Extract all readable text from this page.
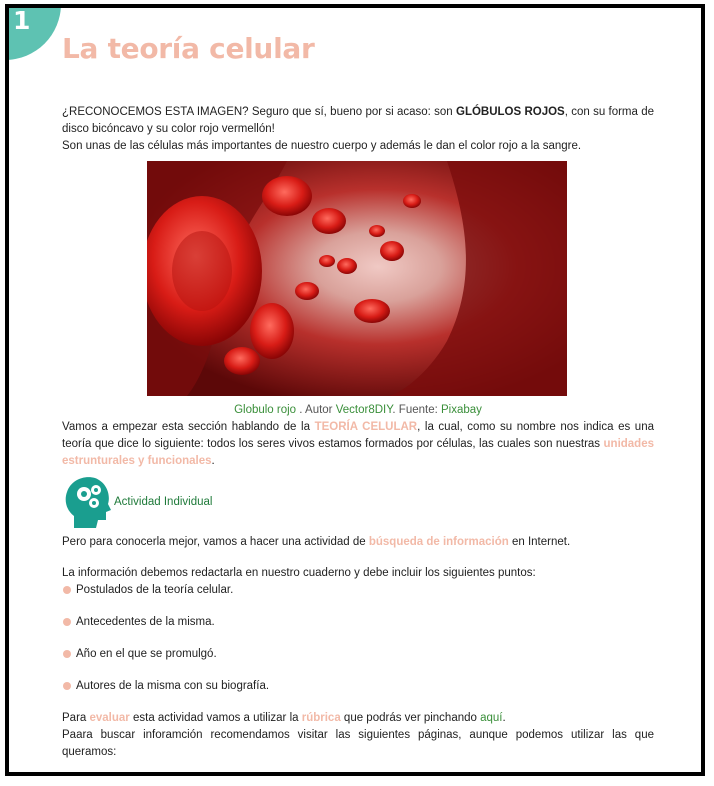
1
La teoría celular

¿RECONOCEMOS ESTA IMAGEN? Seguro que sí, bueno por si acaso: son GLÓBULOS ROJOS, con su forma de disco bicóncavo y su color rojo vermellón!

Son unas de las células más importantes de nuestro cuerpo y además le dan el color rojo a la sangre.

Globulo rojo . Autor Vector8DIY. Fuente: Pixabay

Vamos a empezar esta sección hablando de la TEORÍA CELULAR, la cual, como su nombre nos indica es una teoría que dice lo siguiente: todos los seres vivos estamos formados por células, las cuales son nuestras unidades estrunturales y funcionales.

Actividad Individual

Pero para conocerla mejor, vamos a hacer una actividad de búsqueda de información en Internet.

La información debemos redactarla en nuestro cuaderno y debe incluir los siguientes puntos:

Postulados de la teoría celular.
Antecedentes de la misma.
Año en el que se promulgó.
Autores de la misma con su biografía.

Para evaluar esta actividad vamos a utilizar la rúbrica que podrás ver pinchando aquí.

Paara buscar inforamción recomendamos visitar las siguientes páginas, aunque podemos utilizar las que queramos:
